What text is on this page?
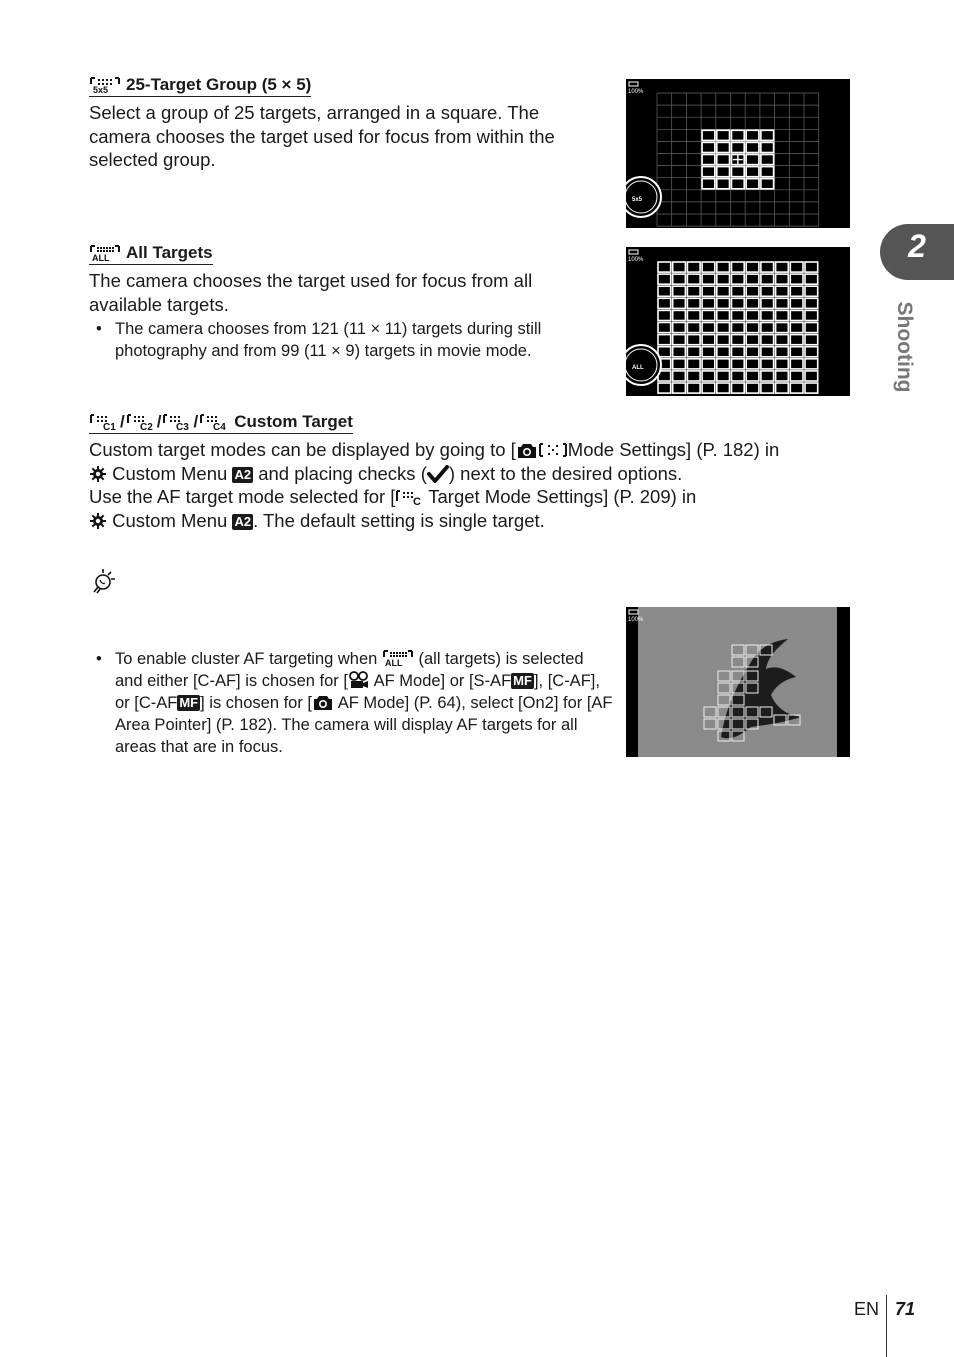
5x5 25-Target Group (5 × 5)
Select a group of 25 targets, arranged in a square. The camera chooses the target used for focus from within the selected group.
100%
5x5
ALL All Targets
The camera chooses the target used for focus from all available targets.
• The camera chooses from 121 (11 × 11) targets during still photography and from 99 (11 × 9) targets in movie mode.
100%
ALL
2
Shooting
C1 / C2 / C3 / C4 Custom Target
Custom target modes can be displayed by going to [	Mode Settings] (P. 182) in
Custom Menu A2 and placing checks ( ) next to the desired options.
Use the AF target mode selected for [ C Target Mode Settings] (P. 209) in
Custom Menu A2 . The default setting is single target.
• To enable cluster AF targeting when ALL (all targets) is selected and either [C-AF] is chosen for [ AF Mode] or [S-AF MF ], [C-AF], or [C-AF MF ] is chosen for [ AF Mode] (P. 64), select [On2] for [AF Area Pointer] (P. 182). The camera will display AF targets for all areas that are in focus.
100%
EN 71
